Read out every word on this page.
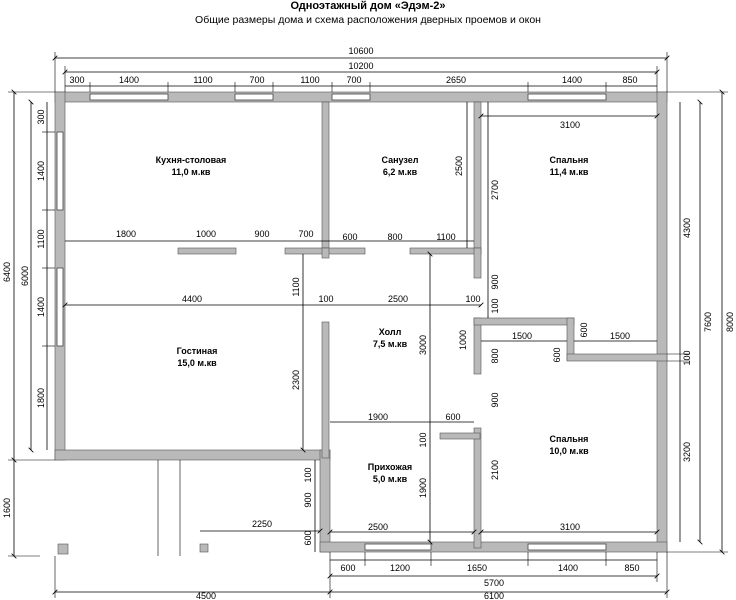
Одноэтажный дом «Эдэм-2»
Общие размеры дома и схема расположения дверных проемов и окон
10600
10200
300	1400	1100	700	1100	700	2650	1400	850
6400 6000
300
1400
1100
1400
1800
1600
8000
7600
4300
100
3200
600	1200	1650	1400	850
5700
4500	6100
1800	1000	900	700	600	800	1100
4400	100	2500	100
2500
3100
2700
900
100
1500
1000
800
600 1500
600
900
1100
2300
3000
100
1900
1900	600
2100
3100
100
900
600
2250	2500
Кухня-столовая
11,0 м.кв
Санузел
6,2 м.кв
Спальня
11,4 м.кв
Гостиная
15,0 м.кв
Холл
7,5 м.кв
Прихожая
5,0 м.кв
Спальня
10,0 м.кв
